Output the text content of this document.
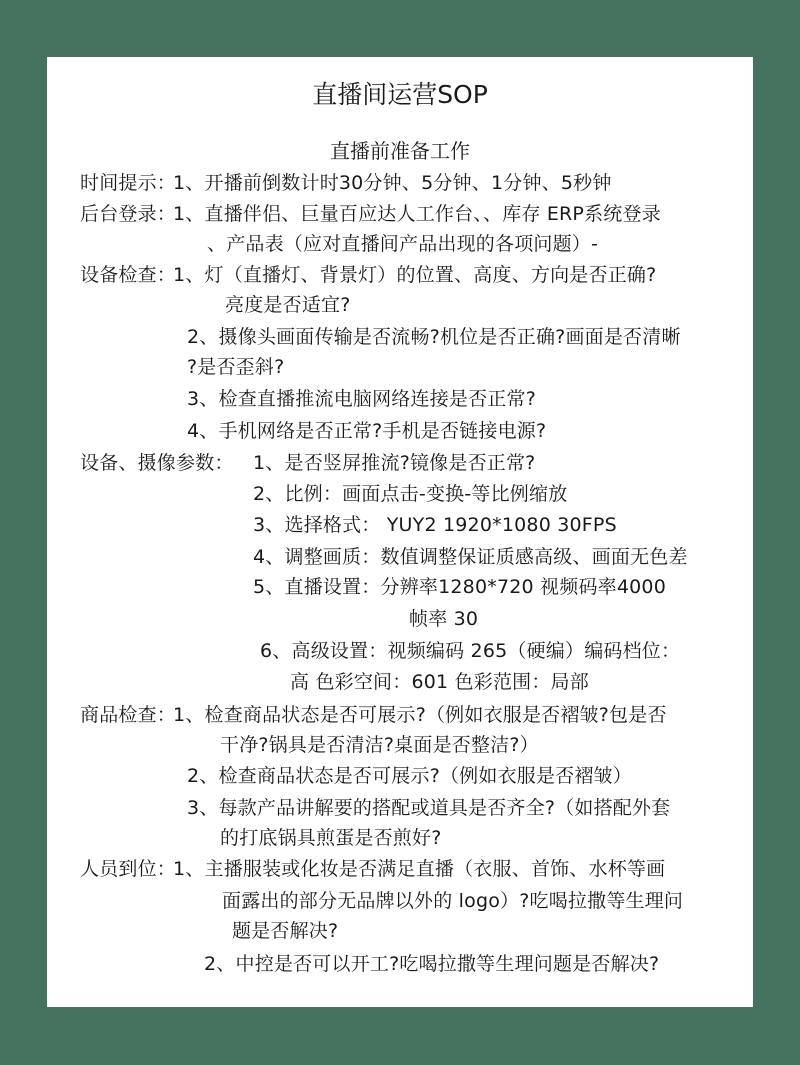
直播间运营SOP
直播前准备工作
时间提示：
1、开播前倒数计时30分钟、5分钟、1分钟、5秒钟
后台登录：
1、直播伴侣、巨量百应达人工作台、、库存 ERP系统登录
、产品表（应对直播间产品出现的各项问题）-
设备检查：
1、灯（直播灯、背景灯）的位置、高度、方向是否正确?
亮度是否适宜?
2、摄像头画面传输是否流畅?机位是否正确?画面是否清晰
?是否歪斜?
3、检查直播推流电脑网络连接是否正常?
4、手机网络是否正常?手机是否链接电源?
设备、摄像参数： 1、是否竖屏推流?镜像是否正常?
2、比例：画面点击-变换-等比例缩放
3、选择格式： YUY2 1920*1080 30FPS
4、调整画质：数值调整保证质感高级、画面无色差
5、直播设置：分辨率1280*720 视频码率4000
帧率 30
6、高级设置：视频编码 265（硬编）编码档位：
高 色彩空间：601 色彩范围：局部
商品检查：
1、检查商品状态是否可展示?（例如衣服是否褶皱?包是否
干净?锅具是否清洁?桌面是否整洁?）
2、检查商品状态是否可展示?（例如衣服是否褶皱）
3、每款产品讲解要的搭配或道具是否齐全?（如搭配外套
的打底锅具煎蛋是否煎好?
人员到位：
1、主播服装或化妆是否满足直播（衣服、首饰、水杯等画
面露出的部分无品牌以外的 logo）?吃喝拉撒等生理问
题是否解决?
2、中控是否可以开工?吃喝拉撒等生理问题是否解决?
